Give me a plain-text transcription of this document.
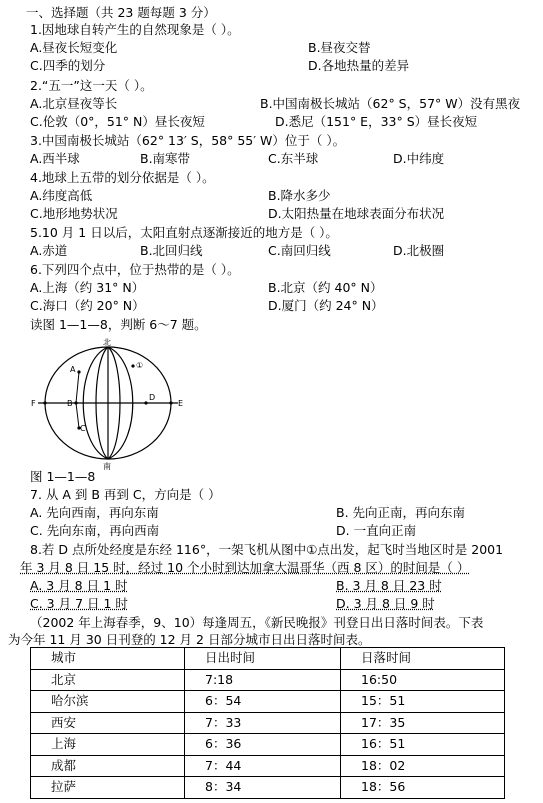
一、选择题（共 23 题每题 3 分）
1.因地球自转产生的自然现象是（ ）。
A.昼夜长短变化	B.昼夜交替
C.四季的划分	D.各地热量的差异
2.“五一”这一天（ ）。
A.北京昼夜等长	B.中国南极长城站（62° S，57° W）没有黑夜
C.伦敦（0°，51° N）昼长夜短	D.悉尼（151° E，33° S）昼长夜短
3.中国南极长城站（62° 13′ S，58° 55′ W）位于（ ）。
A.西半球	B.南寒带	C.东半球	D.中纬度
4.地球上五带的划分依据是（ ）。
A.纬度高低	B.降水多少
C.地形地势状况	D.太阳热量在地球表面分布状况
5.10 月 1 日以后，太阳直射点逐渐接近的地方是（ ）。
A.赤道	B.北回归线	C.南回归线	D.北极圈
6.下列四个点中，位于热带的是（ ）。
A.上海（约 31° N）	B.北京（约 40° N）
C.海口（约 20° N）	D.厦门（约 24° N）
读图 1—1—8，判断 6～7 题。
北
南
A
B
C
D
E
F
①
图 1—1—8
7. 从 A 到 B 再到 C，方向是（ ）
A. 先向西南，再向东南	B. 先向正南，再向东南
C. 先向东南，再向西南	D. 一直向正南
8.若 D 点所处经度是东经 116°，一架飞机从图中①点出发，起飞时当地区时是 2001
年 3 月 8 日 15 时，经过 10 个小时到达加拿大温哥华（西 8 区）的时间是（ ）
A. 3 月 8 日 1 时	B. 3 月 8 日 23 时
C. 3 月 7 日 1 时	D. 3 月 8 日 9 时
（2002 年上海春季，9、10）每逢周五，《新民晚报》刊登日出日落时间表。下表
为今年 11 月 30 日刊登的 12 月 2 日部分城市日出日落时间表。
城市	日出时间	日落时间
北京	7:18	16:50
哈尔滨	6：54	15：51
西安	7：33	17：35
上海	6：36	16：51
成都	7：44	18：02
拉萨	8：34	18：56
